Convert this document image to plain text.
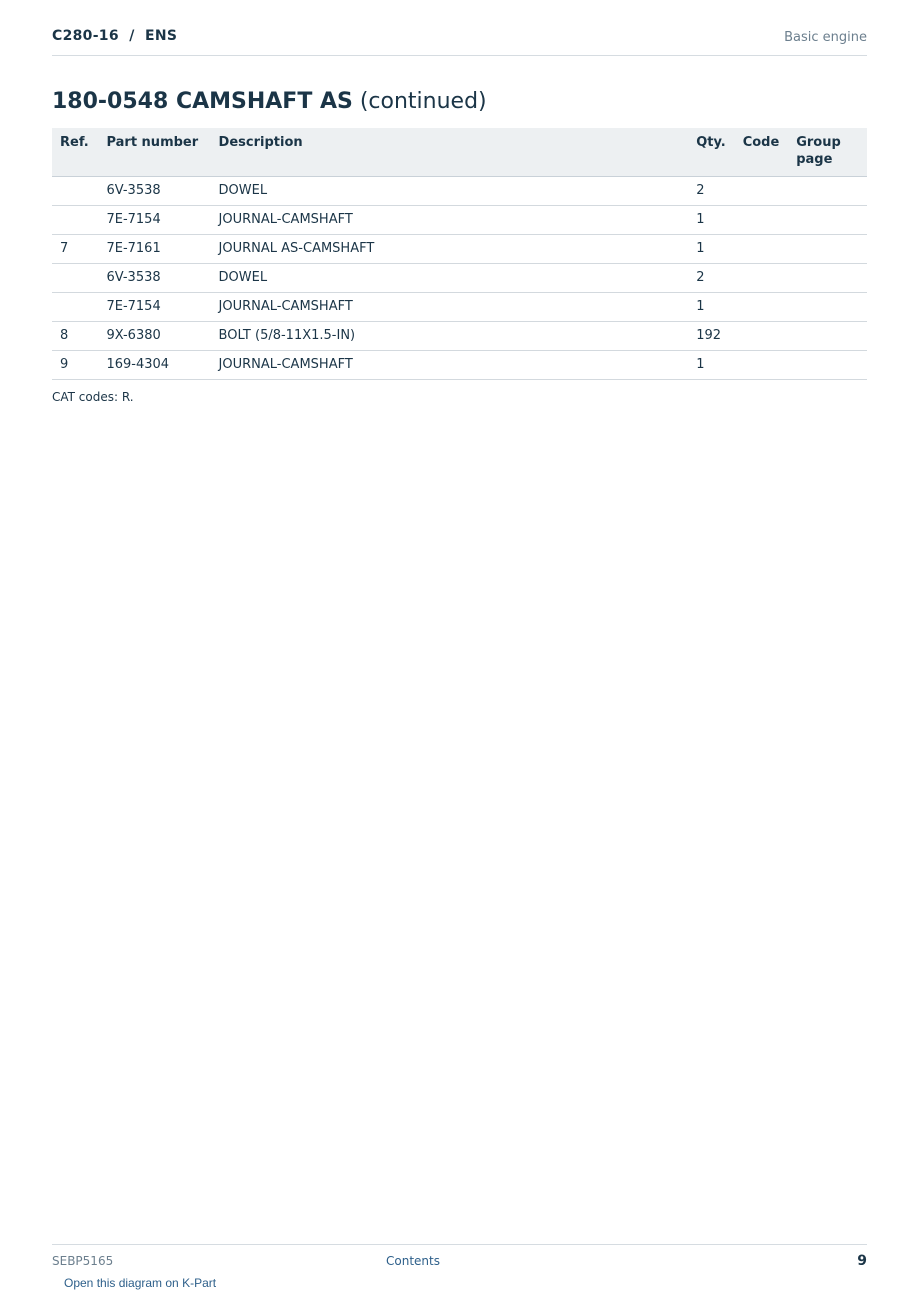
C280-16  /  ENS	Basic engine
180-0548 CAMSHAFT AS (continued)
Ref.	Part number	Description	Qty.	Code	Group page
	6V-3538	DOWEL	2		
	7E-7154	JOURNAL-CAMSHAFT	1		
7	7E-7161	JOURNAL AS-CAMSHAFT	1		
	6V-3538	DOWEL	2		
	7E-7154	JOURNAL-CAMSHAFT	1		
8	9X-6380	BOLT (5/8-11X1.5-IN)	192		
9	169-4304	JOURNAL-CAMSHAFT	1		
CAT codes: R.
SEBP5165	Contents	9
Open this diagram on K-Part
